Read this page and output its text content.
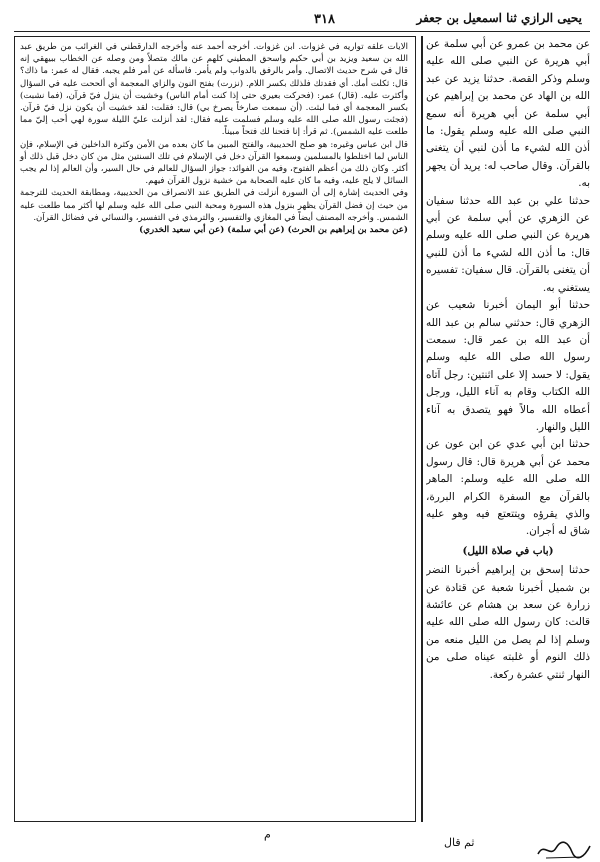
٣١٨	يحيى الرازي ثنا اسمعيل بن جعفر

الايات علقه تواريه في غزوات. ابن غزوات. أخرجه أحمد عنه وأخرجه الدارقطني في الغرائب من طريق عبد الله بن سعيد ويزيد بن أبي حكيم واسحق المطيني كلهم عن مالك متصلاً ومن وصله عن الخطاب ببيهقي إنه قال في شرح حديث الاتصال. وأمر بالرفق بالدواب ولم يأمر. فاسأله عن أمر فلم يجبه. فقال له عمر: ما ذاك؟ قال: ثكلت أمك. أي فقدتك فلذلك بكسر اللام. (نزرت) بفتح النون والزاي المعجمة أي ألححت عليه في السؤال وأكثرت عليه. (قال) عمر: (فحركت بعيري حتى إذا كنت أمام الناس) وخشيت أن ينزل فيّ قرآن، (فما نشبت) بكسر المعجمة أي فما لبثت. (أن سمعت صارخاً يصرخ بي) قال: فقلت: لقد خشيت أن يكون نزل فيّ قرآن. (فجئت رسول الله صلى الله عليه وسلم فسلمت عليه فقال: لقد أنزلت عليّ الليلة سورة لهي أحب إليّ مما طلعت عليه الشمس). ثم قرأ: إنا فتحنا لك فتحاً مبيناً.

قال ابن عباس وغيره: هو صلح الحديبية، والفتح المبين ما كان بعده من الأمن وكثرة الداخلين في الإسلام، فإن الناس لما اختلطوا بالمسلمين وسمعوا القرآن دخل في الإسلام في تلك السنتين مثل من كان دخل قبل ذلك أو أكثر. وكان ذلك من أعظم الفتوح، وفيه من الفوائد: جواز السؤال للعالم في حال السير، وأن العالم إذا لم يجب السائل لا يلح عليه، وفيه ما كان عليه الصحابة من خشية نزول القرآن فيهم.

وفي الحديث إشارة إلى أن السورة أنزلت في الطريق عند الانصراف من الحديبية، ومطابقة الحديث للترجمة من حيث إن فضل القرآن يظهر بنزول هذه السورة ومحبة النبي صلى الله عليه وسلم لها أكثر مما طلعت عليه الشمس. وأخرجه المصنف أيضاً في المغازي والتفسير، والترمذي في التفسير، والنسائي في فضائل القرآن.

(عن محمد بن إبراهيم بن الحرث) (عن أبي سلمة) (عن أبي سعيد الخدري)

عن محمد بن عمرو عن أبي سلمة عن أبي هريرة عن النبي صلى الله عليه وسلم وذكر القصة. حدثنا يزيد عن عبد الله بن الهاد عن محمد بن إبراهيم عن أبي سلمة عن أبي هريرة أنه سمع النبي صلى الله عليه وسلم يقول: ما أذن الله لشيء ما أذن لنبي أن يتغنى بالقرآن. وقال صاحب له: يريد أن يجهر به.

حدثنا علي بن عبد الله حدثنا سفيان عن الزهري عن أبي سلمة عن أبي هريرة عن النبي صلى الله عليه وسلم قال: ما أذن الله لشيء ما أذن للنبي أن يتغنى بالقرآن. قال سفيان: تفسيره يستغني به.

حدثنا أبو اليمان أخبرنا شعيب عن الزهري قال: حدثني سالم بن عبد الله أن عبد الله بن عمر قال: سمعت رسول الله صلى الله عليه وسلم يقول: لا حسد إلا على اثنتين: رجل آتاه الله الكتاب وقام به آناء الليل، ورجل أعطاه الله مالاً فهو يتصدق به آناء الليل والنهار.

حدثنا ابن أبي عدي عن ابن عون عن محمد عن أبي هريرة قال: قال رسول الله صلى الله عليه وسلم: الماهر بالقرآن مع السفرة الكرام البررة، والذي يقرؤه ويتتعتع فيه وهو عليه شاق له أجران.

(باب في صلاة الليل)

حدثنا إسحق بن إبراهيم أخبرنا النضر بن شميل أخبرنا شعبة عن قتادة عن زرارة عن سعد بن هشام عن عائشة قالت: كان رسول الله صلى الله عليه وسلم إذا لم يصل من الليل منعه من ذلك النوم أو غلبته عيناه صلى من النهار ثنتي عشرة ركعة.

م
ثم قال
